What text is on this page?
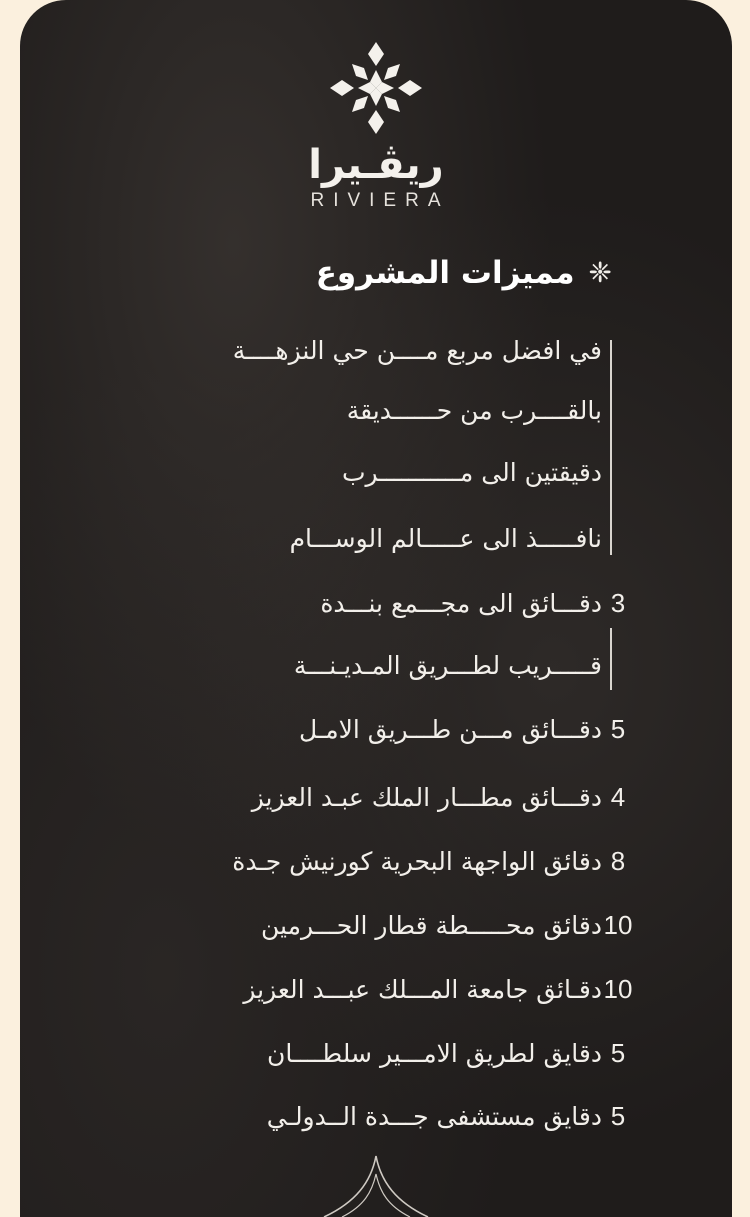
ريڤـيرا
RIVIERA
❈
مميزات المشروع
في افضل مربع مــــن حي النزهــــة
بالقــــرب من حــــــديقة
دقيقتين الى مـــــــــــرب
نافـــــذ الى عـــــالم الوســـام
دقـــائق الى مجـــمع بنـــدة 3
قـــــريب لطـــريق المـديـنـــة
دقـــائق مـــن طـــريق الامـل 5
دقـــائق مطـــار الملك عبـد العزيز 4
دقائق الواجهة البحرية كورنيش جـدة 8
دقائق محـــــطة قطار الحـــرمين 10
دقـائق جامعة المـــلك عبـــد العزيز 10
دقايق لطريق الامـــير سلطــــان 5
دقايق مستشفى جـــدة الــدولـي 5
